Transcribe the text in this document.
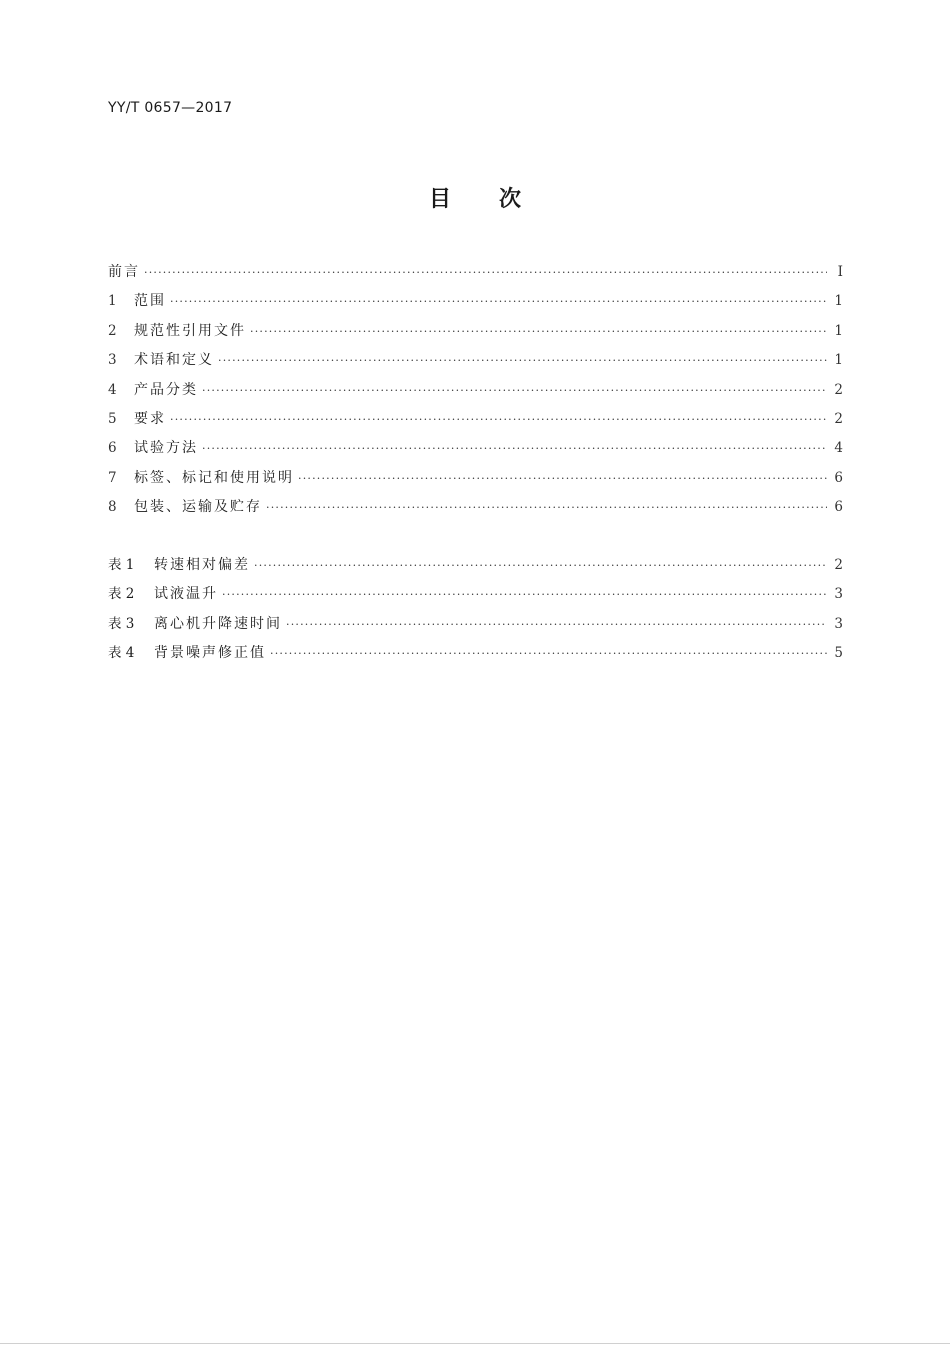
YY/T 0657—2017
目次
前言 ·····	Ⅰ
1	范围 ·····	1
2	规范性引用文件 ·····	1
3	术语和定义 ·····	1
4	产品分类 ·····	2
5	要求 ·····	2
6	试验方法 ·····	4
7	标签、标记和使用说明 ·····	6
8	包装、运输及贮存 ·····	6
表 1	转速相对偏差 ·····	2
表 2	试液温升 ·····	3
表 3	离心机升降速时间 ·····	3
表 4	背景噪声修正值 ·····	5
